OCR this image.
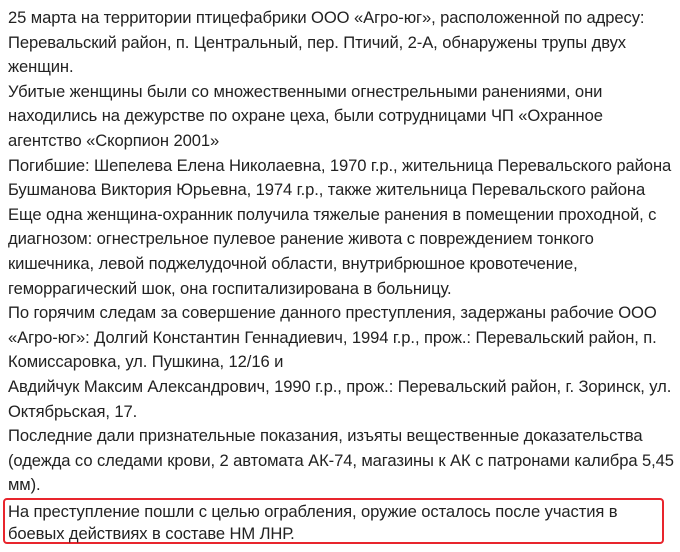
25 марта на территории птицефабрики ООО «Агро-юг», расположенной по адресу: Перевальский район, п. Центральный, пер. Птичий, 2-А, обнаружены трупы двух женщин.

Убитые женщины были со множественными огнестрельными ранениями, они находились на дежурстве по охране цеха, были сотрудницами ЧП «Охранное агентство «Скорпион 2001»

Погибшие: Шепелева Елена Николаевна, 1970 г.р., жительница Перевальского района

Бушманова Виктория Юрьевна, 1974 г.р., также жительница Перевальского района

Еще одна женщина-охранник получила тяжелые ранения в помещении проходной, с диагнозом: огнестрельное пулевое ранение живота с повреждением тонкого кишечника, левой поджелудочной области, внутрибрюшное кровотечение, геморрагический шок, она госпитализирована в больницу.

По горячим следам за совершение данного преступления, задержаны рабочие ООО «Агро-юг»: Долгий Константин Геннадиевич, 1994 г.р., прож.: Перевальский район, п. Комиссаровка, ул. Пушкина, 12/16 и

Авдийчук Максим Александрович, 1990 г.р., прож.: Перевальский район, г. Зоринск, ул. Октябрьская, 17.

Последние дали признательные показания, изъяты вещественные доказательства (одежда со следами крови, 2 автомата АК-74, магазины к АК с патронами калибра 5,45 мм).

На преступление пошли с целью ограбления, оружие осталось после участия в боевых действиях в составе НМ ЛНР.
